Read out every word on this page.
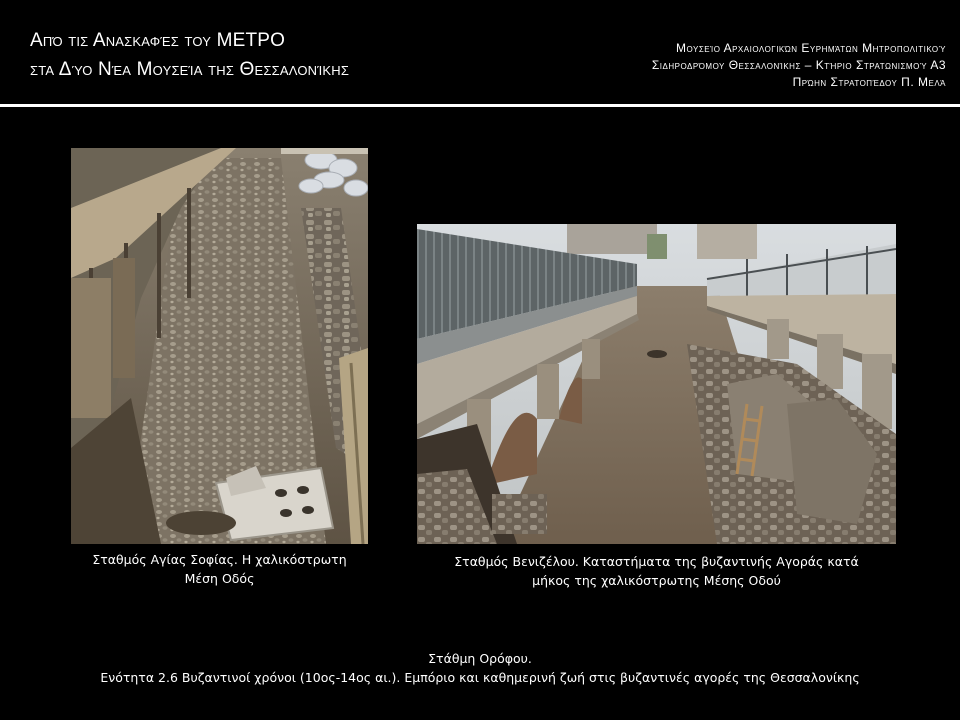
Από τις Ανασκαφές του ΜΕΤΡΟ
στα Δύο Νέα Μουσεία της Θεσσαλονίκης
Μουσείο Αρχαιολογικών Ευρημάτων Μητροπολιτικού
Σιδηροδρόμου Θεσσαλονίκης – Κτήριο Στρατωνισμού Α3
Πρώην Στρατοπέδου Π. Μελά
Σταθμός Αγίας Σοφίας. Η χαλικόστρωτη
Μέση Οδός
Σταθμός Βενιζέλου. Καταστήματα της βυζαντινής Αγοράς κατά
μήκος της χαλικόστρωτης Μέσης Οδού
Στάθμη Ορόφου.
Ενότητα 2.6 Βυζαντινοί χρόνοι (10ος-14ος αι.). Εμπόριο και καθημερινή ζωή στις βυζαντινές αγορές της Θεσσαλονίκης
